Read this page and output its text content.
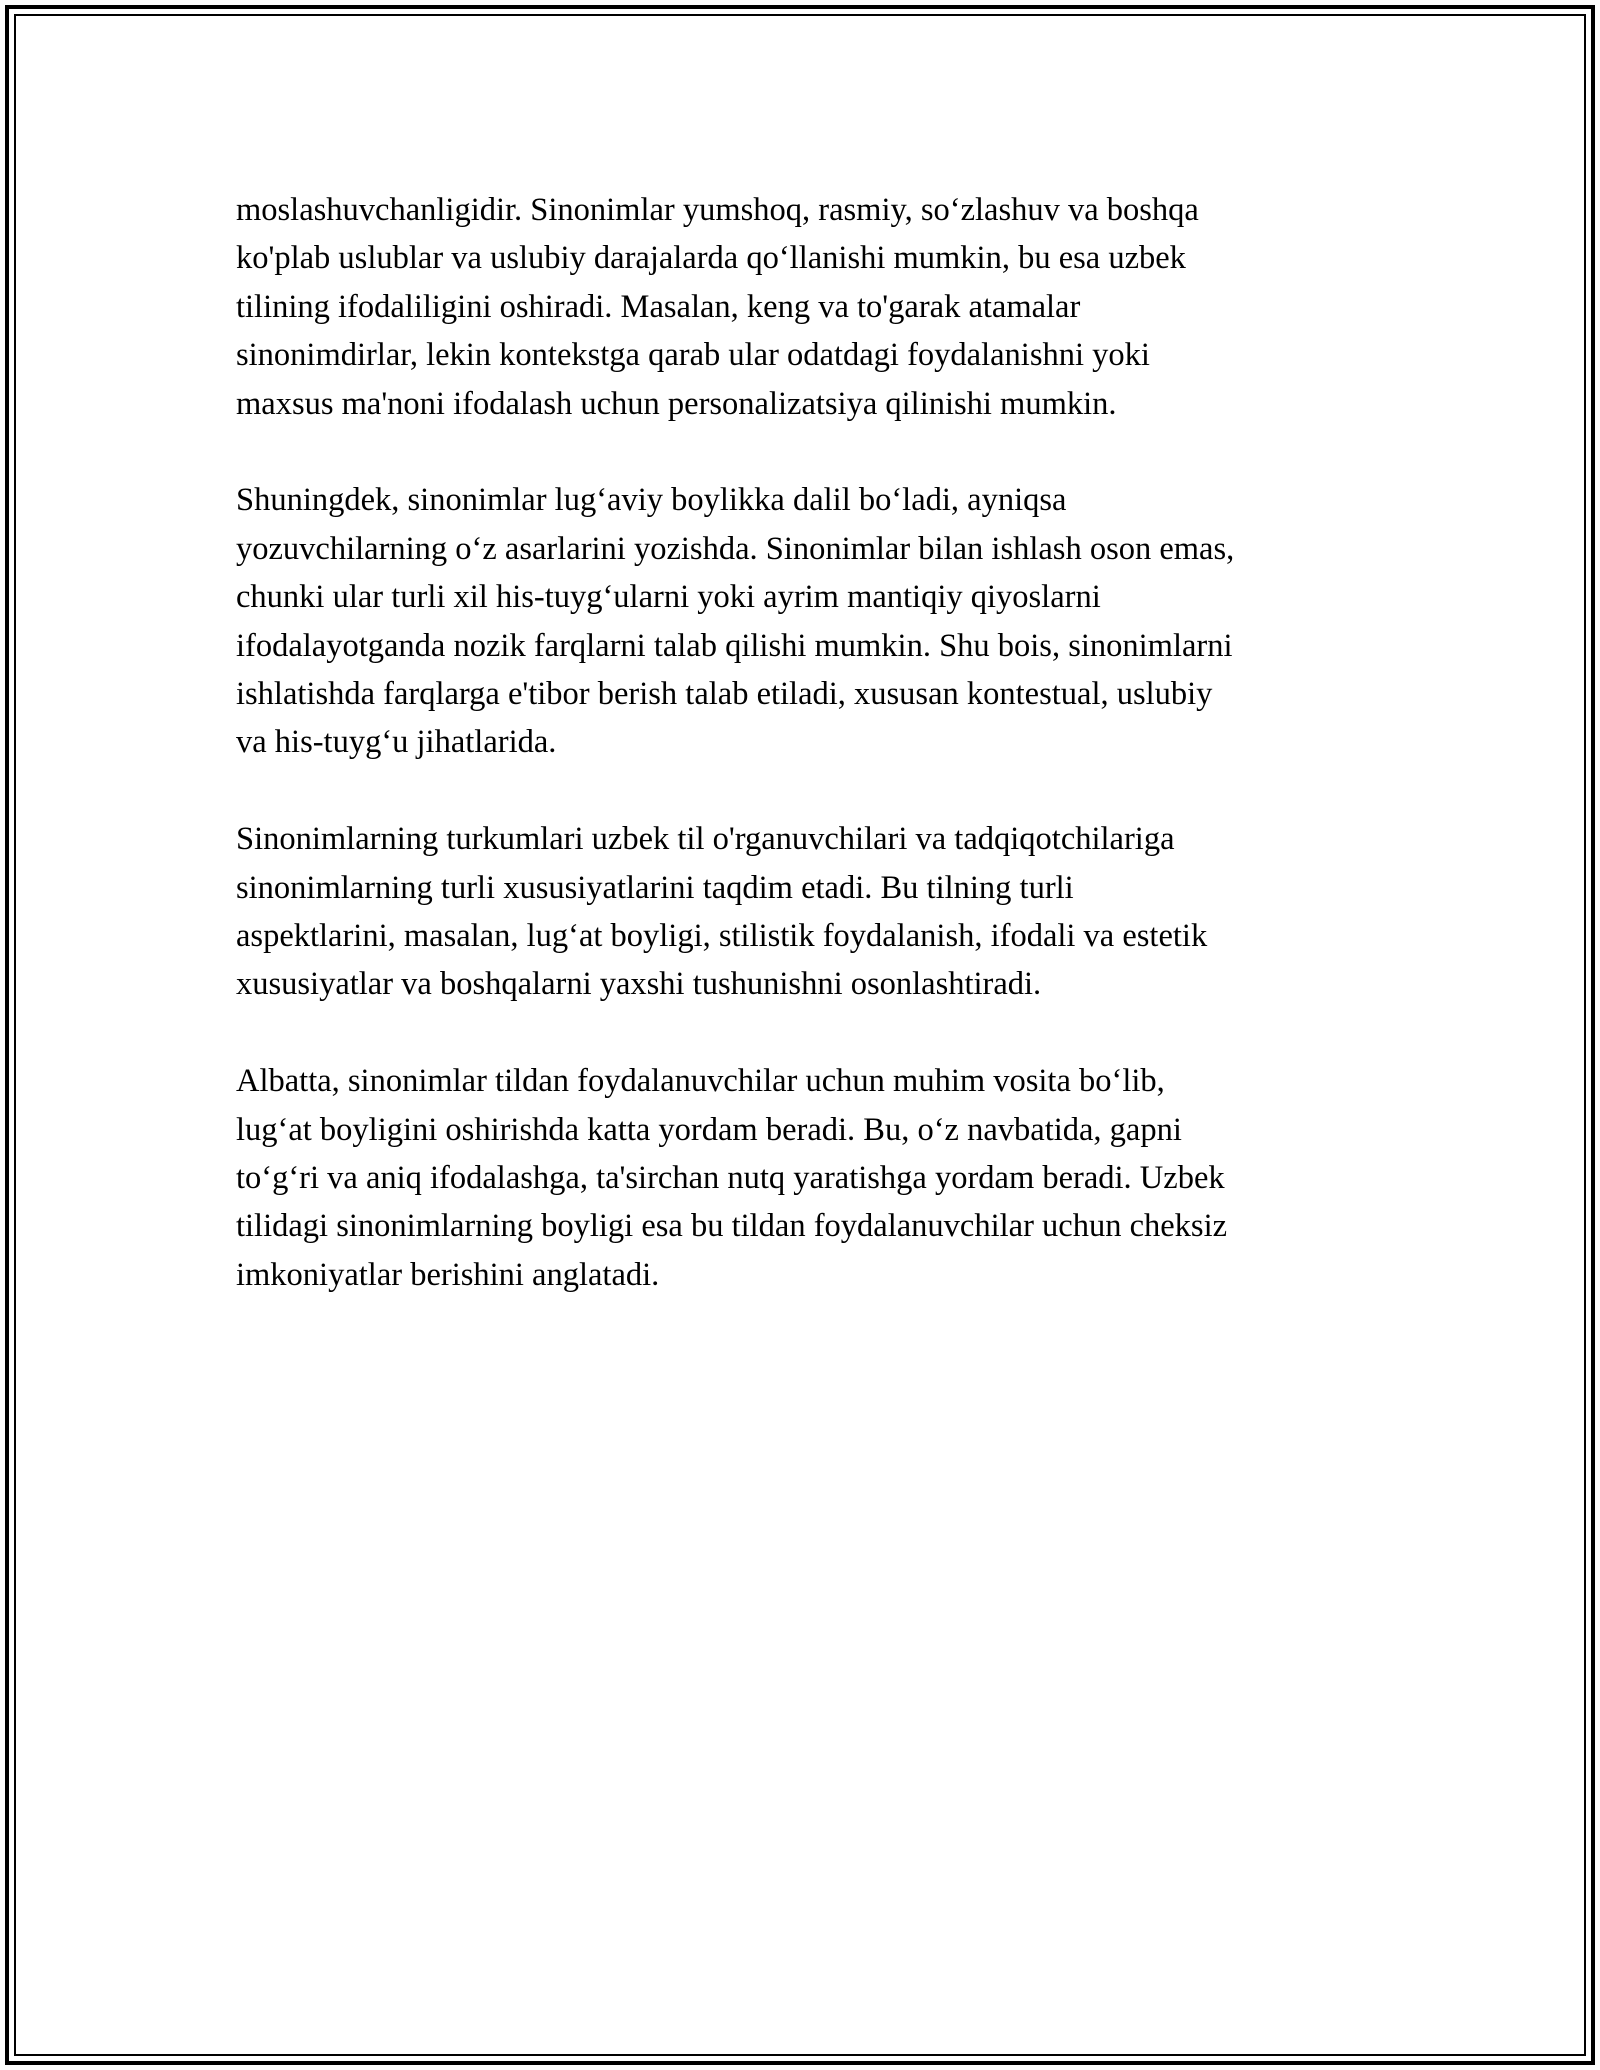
moslashuvchanligidir. Sinonimlar yumshoq, rasmiy, so‘zlashuv va boshqa
ko'plab uslublar va uslubiy darajalarda qo‘llanishi mumkin, bu esa uzbek
tilining ifodaliligini oshiradi. Masalan, keng va to'garak atamalar
sinonimdirlar, lekin kontekstga qarab ular odatdagi foydalanishni yoki
maxsus ma'noni ifodalash uchun personalizatsiya qilinishi mumkin.

Shuningdek, sinonimlar lug‘aviy boylikka dalil bo‘ladi, ayniqsa
yozuvchilarning o‘z asarlarini yozishda. Sinonimlar bilan ishlash oson emas,
chunki ular turli xil his-tuyg‘ularni yoki ayrim mantiqiy qiyoslarni
ifodalayotganda nozik farqlarni talab qilishi mumkin. Shu bois, sinonimlarni
ishlatishda farqlarga e'tibor berish talab etiladi, xususan kontestual, uslubiy
va his-tuyg‘u jihatlarida.

Sinonimlarning turkumlari uzbek til o'rganuvchilari va tadqiqotchilariga
sinonimlarning turli xususiyatlarini taqdim etadi. Bu tilning turli
aspektlarini, masalan, lug‘at boyligi, stilistik foydalanish, ifodali va estetik
xususiyatlar va boshqalarni yaxshi tushunishni osonlashtiradi.

Albatta, sinonimlar tildan foydalanuvchilar uchun muhim vosita bo‘lib,
lug‘at boyligini oshirishda katta yordam beradi. Bu, o‘z navbatida, gapni
to‘g‘ri va aniq ifodalashga, ta'sirchan nutq yaratishga yordam beradi. Uzbek
tilidagi sinonimlarning boyligi esa bu tildan foydalanuvchilar uchun cheksiz
imkoniyatlar berishini anglatadi.
